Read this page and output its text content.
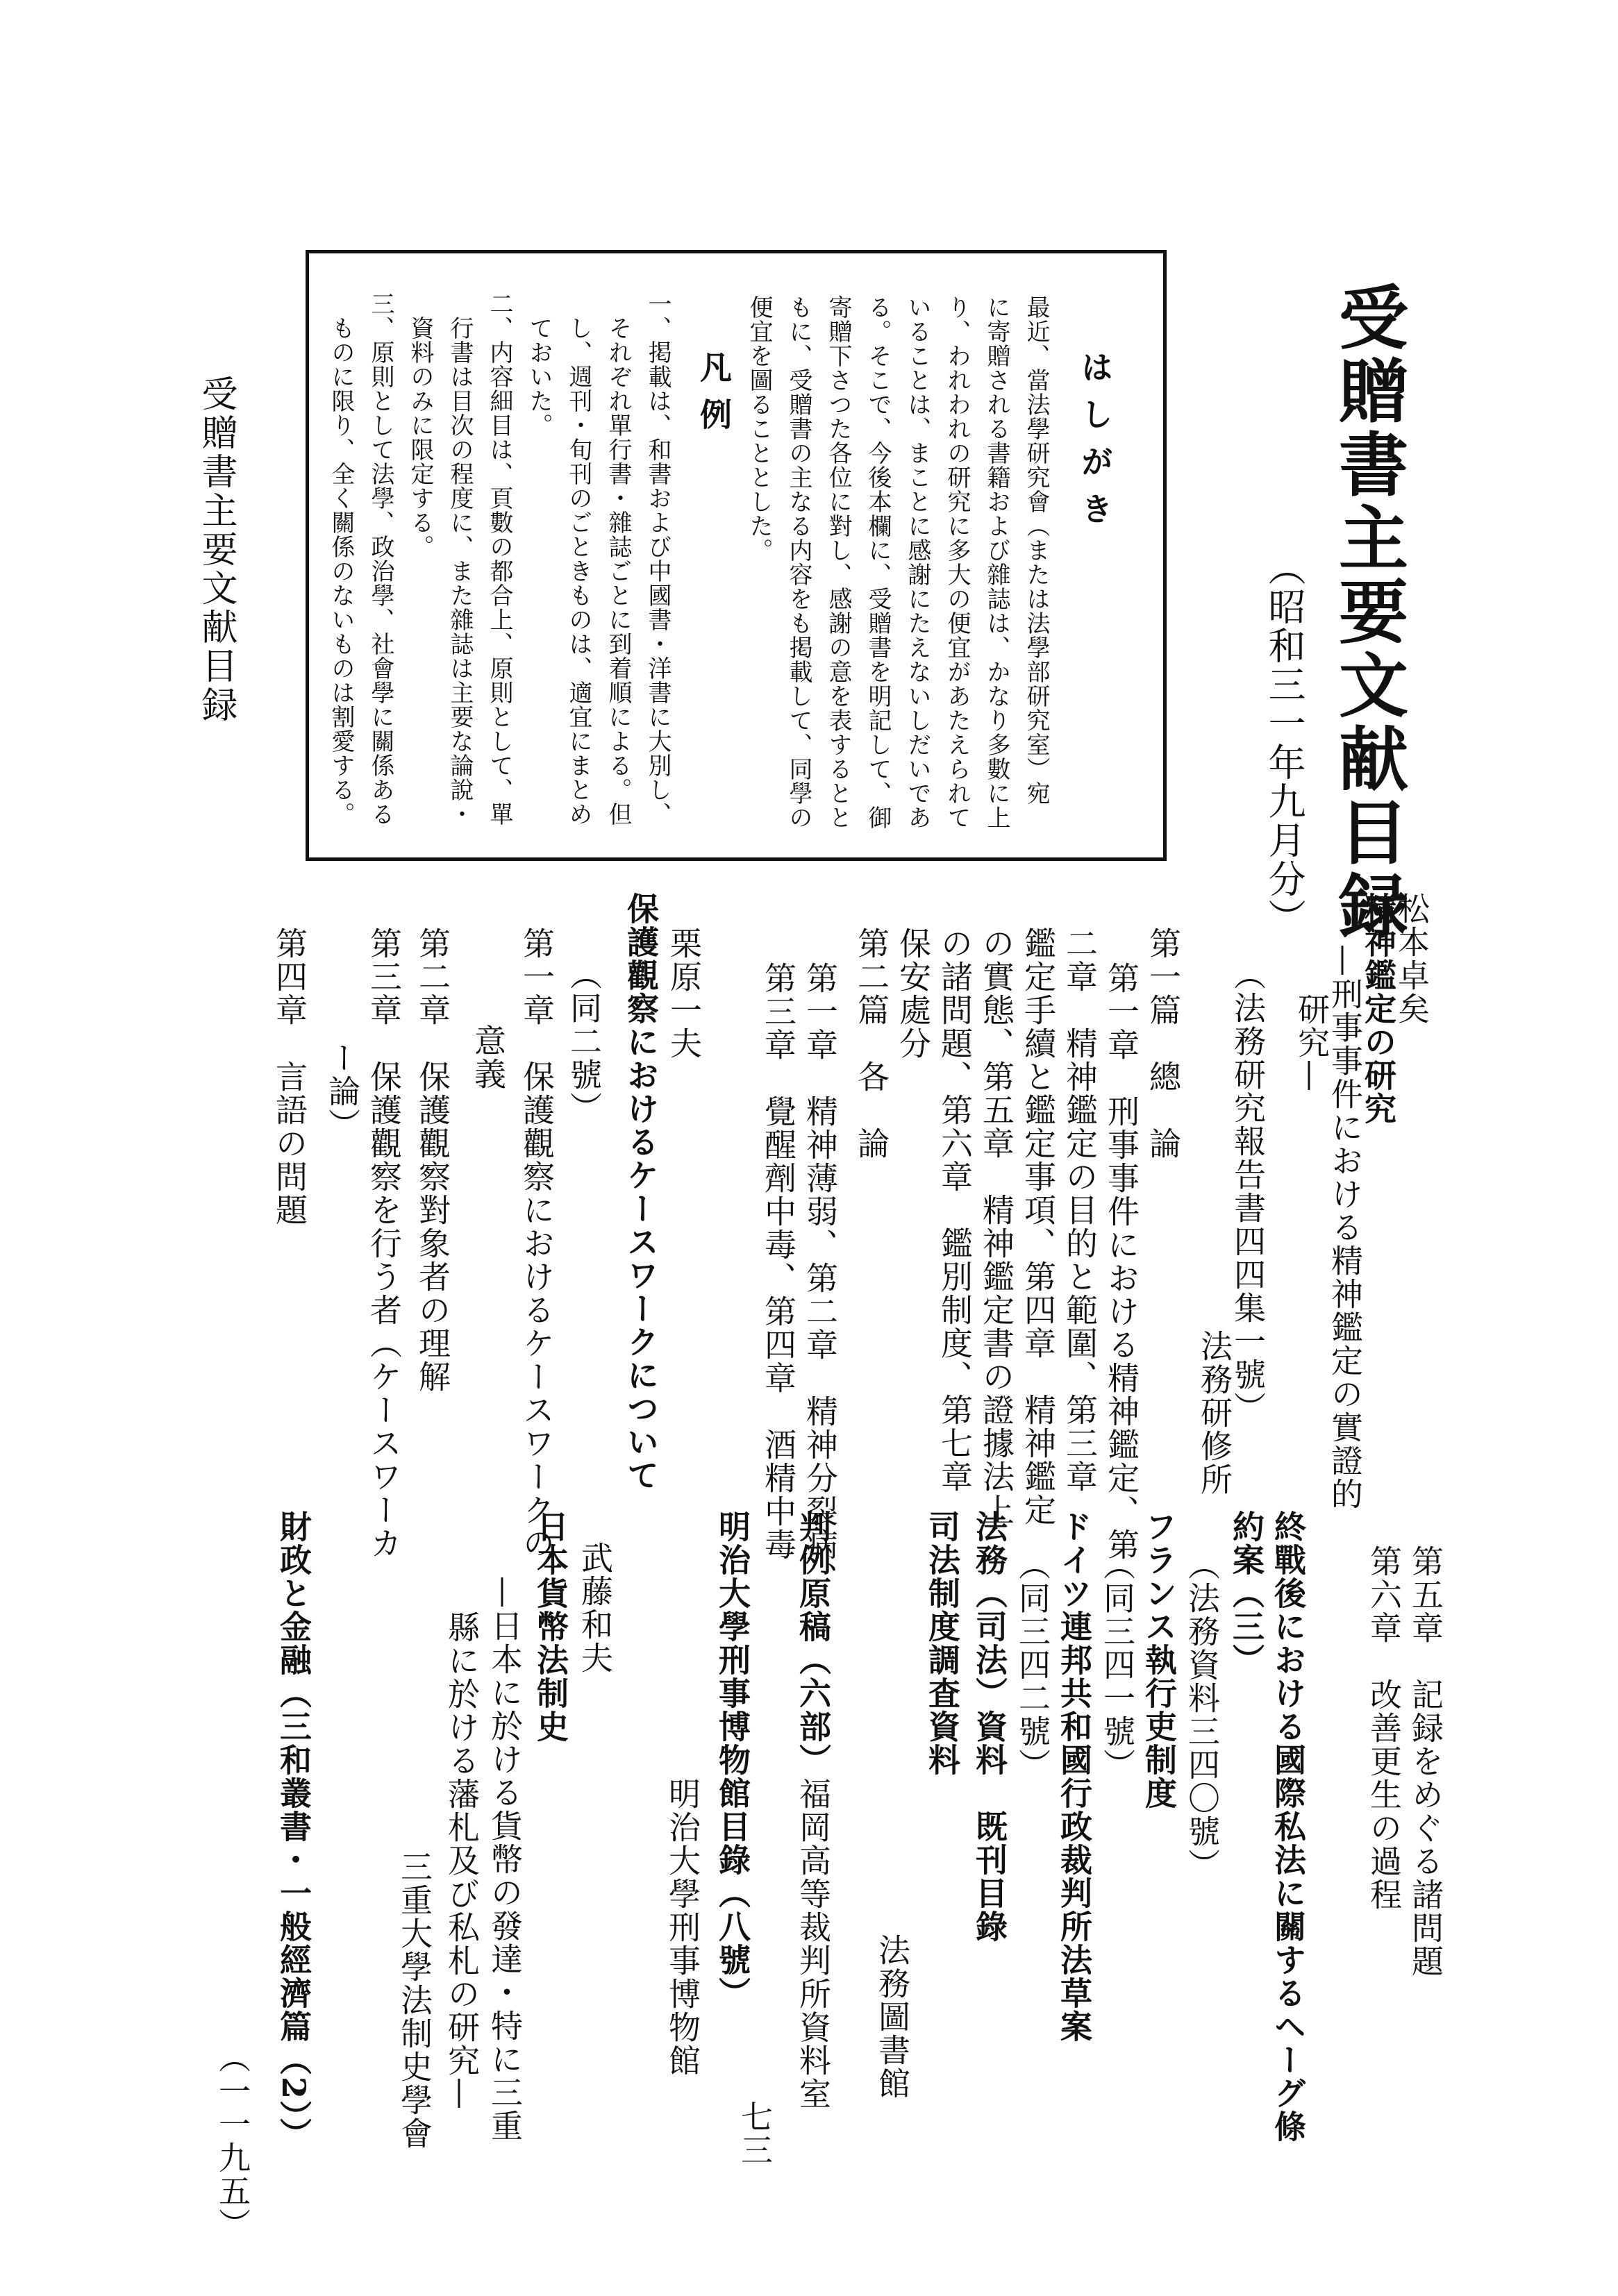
受贈書主要文献目録	受贈書主要文献目録
（昭和三一年九月分）
はしがき
最近、當法學研究會（または法學部研究室）宛
に寄贈される書籍および雜誌は、かなり多數に上
り、われわれの研究に多大の便宜があたえられて
いることは、まことに感謝にたえないしだいであ
る。そこで、今後本欄に、受贈書を明記して、御
寄贈下さつた各位に對し、感謝の意を表するとと
もに、受贈書の主なる内容をも掲載して、同學の
便宜を圖ることとした。
凡例
一、掲載は、和書および中國書・洋書に大別し、
それぞれ單行書・雜誌ごとに到着順による。但
し、週刊・旬刊のごときものは、適宜にまとめ
ておいた。
二、内容細目は、頁數の都合上、原則として、單
行書は目次の程度に、また雜誌は主要な論說・
資料のみに限定する。
三、原則として法學、政治學、社會學に關係ある
ものに限り、全く關係のないものは割愛する。
松本卓矣
精神鑑定の研究
—刑事事件における精神鑑定の實證的
研究—
（法務研究報告書四四集一號）
法務研修所
第一篇　總　論
第一章　刑事事件における精神鑑定、第
二章　精神鑑定の目的と範圍、第三章
鑑定手續と鑑定事項、第四章　精神鑑定
の實態、第五章　精神鑑定書の證據法上
の諸問題、第六章　鑑別制度、第七章
保安處分
第二篇　各　論
第一章　精神薄弱、第二章　精神分裂病、
第三章　覺醒劑中毒、第四章　酒精中毒
栗原一夫
保護觀察におけるケースワークについて
（同二號）
第一章　保護觀察におけるケースワークの
意義
第二章　保護觀察對象者の理解
第三章　保護觀察を行う者（ケースワーカ
ー論）
第四章　言語の問題
第五章　記録をめぐる諸問題
第六章　改善更生の過程
終戰後における國際私法に關するヘーグ條
約案（三）
（法務資料三四〇號）
フランス執行吏制度
（同三四一號）
ドイツ連邦共和國行政裁判所法草案
（同三四二號）
法務（司法）資料　既刊目錄
司法制度調査資料
法務圖書館
判例原稿（六部）
福岡高等裁判所資料室
明治大學刑事博物館目錄（八號）
明治大學刑事博物館
武藤和夫
日本貨幣法制史
—日本に於ける貨幣の發達・特に三重
縣に於ける藩札及び私札の研究—
三重大學法制史學會
財政と金融（三和叢書・一般經濟篇（2））	七三
（一一九五）
